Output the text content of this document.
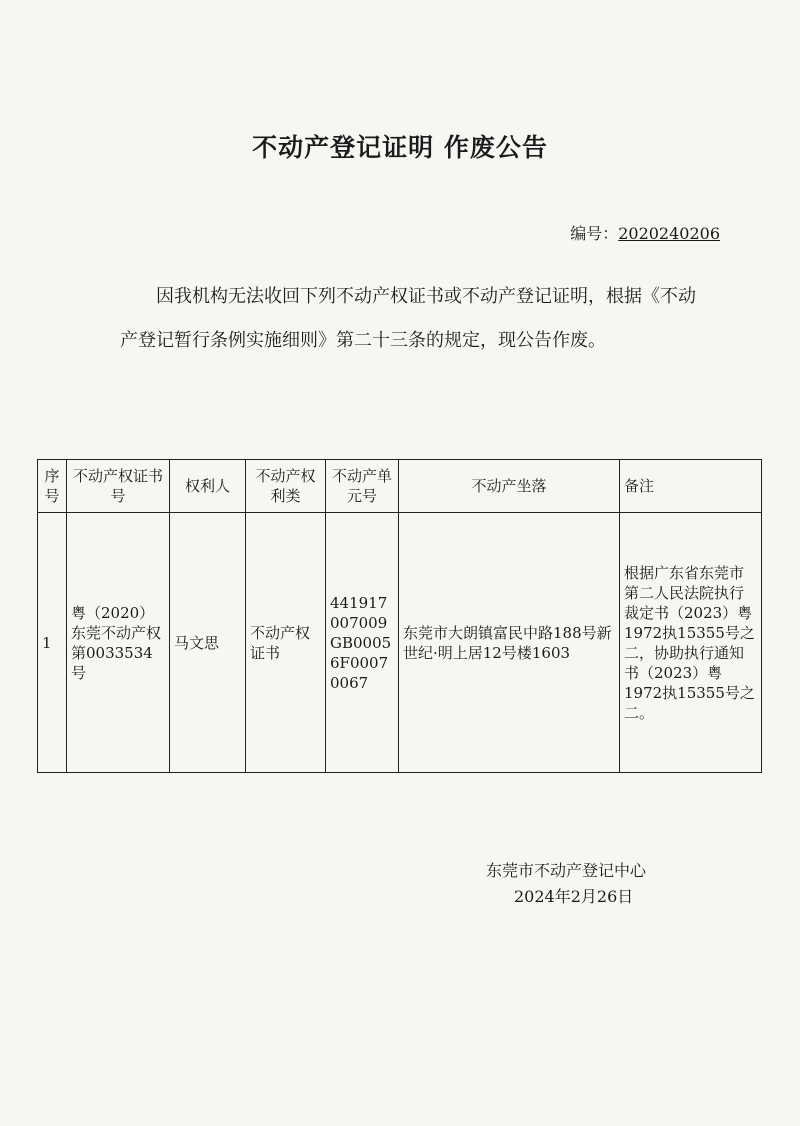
不动产登记证明 作废公告
编号：2020240206

因我机构无法收回下列不动产权证书或不动产登记证明，根据《不动产登记暂行条例实施细则》第二十三条的规定，现公告作废。

序号	不动产权证书号	权利人	不动产权利类	不动产单元号	不动产坐落	备注
1	粤（2020）东莞不动产权第0033534号	马文思	不动产权证书	441917007009GB00056F00070067	东莞市大朗镇富民中路188号新世纪·明上居12号楼1603	根据广东省东莞市第二人民法院执行裁定书（2023）粤1972执15355号之二，协助执行通知书（2023）粤1972执15355号之二。
东莞市不动产登记中心
2024年2月26日
